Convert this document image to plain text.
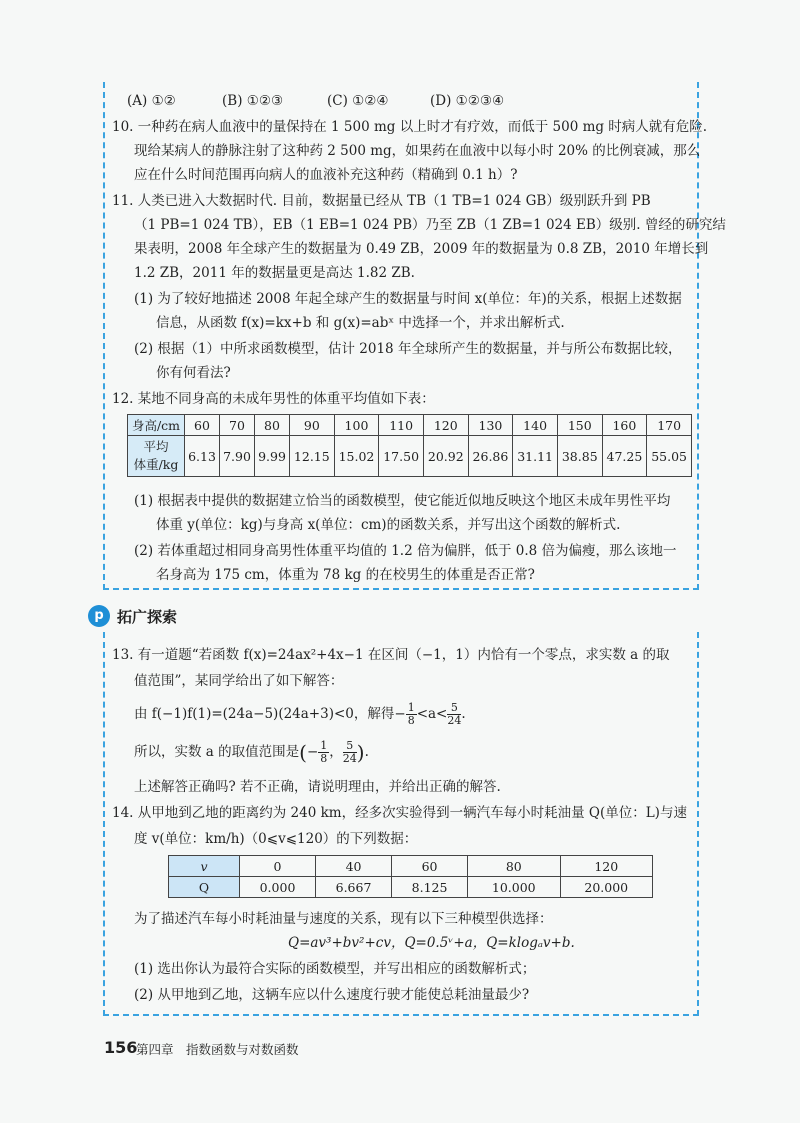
(A) ①②	(B) ①②③	(C) ①②④	(D) ①②③④
10. 一种药在病人血液中的量保持在 1 500 mg 以上时才有疗效，而低于 500 mg 时病人就有危险.
现给某病人的静脉注射了这种药 2 500 mg，如果药在血液中以每小时 20% 的比例衰减，那么
应在什么时间范围再向病人的血液补充这种药（精确到 0.1 h）?
11. 人类已进入大数据时代. 目前，数据量已经从 TB（1 TB=1 024 GB）级别跃升到 PB
（1 PB=1 024 TB），EB（1 EB=1 024 PB）乃至 ZB（1 ZB=1 024 EB）级别. 曾经的研究结
果表明，2008 年全球产生的数据量为 0.49 ZB，2009 年的数据量为 0.8 ZB，2010 年增长到
1.2 ZB，2011 年的数据量更是高达 1.82 ZB.
(1) 为了较好地描述 2008 年起全球产生的数据量与时间 x(单位：年)的关系，根据上述数据
信息，从函数 f(x)=kx+b 和 g(x)=abˣ 中选择一个，并求出解析式.
(2) 根据（1）中所求函数模型，估计 2018 年全球所产生的数据量，并与所公布数据比较，
你有何看法?
12. 某地不同身高的未成年男性的体重平均值如下表：
身高/cm	60	70	80	90	100	110	120	130	140	150	160	170

平均
体重/kg	6.13	7.90	9.99	12.15	15.02	17.50	20.92	26.86	31.11	38.85	47.25	55.05
(1) 根据表中提供的数据建立恰当的函数模型，使它能近似地反映这个地区未成年男性平均
体重 y(单位：kg)与身高 x(单位：cm)的函数关系，并写出这个函数的解析式.
(2) 若体重超过相同身高男性体重平均值的 1.2 倍为偏胖，低于 0.8 倍为偏瘦，那么该地一
名身高为 175 cm，体重为 78 kg 的在校男生的体重是否正常?
p 拓广探索
13. 有一道题“若函数 f(x)=24ax²+4x−1 在区间（−1，1）内恰有一个零点，求实数 a 的取
值范围”，某同学给出了如下解答：
由 f(−1)f(1)=(24a−5)(24a+3)<0，解得− $\frac{1}{8} <a< \frac{5}{24}$ .
所以，实数 a 的取值范围是(− $\frac{1}{8}$ ， $\frac{5}{24}$ ).
上述解答正确吗? 若不正确，请说明理由，并给出正确的解答.
14. 从甲地到乙地的距离约为 240 km，经多次实验得到一辆汽车每小时耗油量 Q(单位：L)与速
度 v(单位：km/h)（0⩽v⩽120）的下列数据：
v	0	40	60	80	120
Q	0.000	6.667	8.125	10.000	20.000
为了描述汽车每小时耗油量与速度的关系，现有以下三种模型供选择：
Q=av³+bv²+cv，Q=0.5ᵛ+a，Q=klogₐv+b.
(1) 选出你认为最符合实际的函数模型，并写出相应的函数解析式；
(2) 从甲地到乙地，这辆车应以什么速度行驶才能使总耗油量最少?
156
第四章　指数函数与对数函数
